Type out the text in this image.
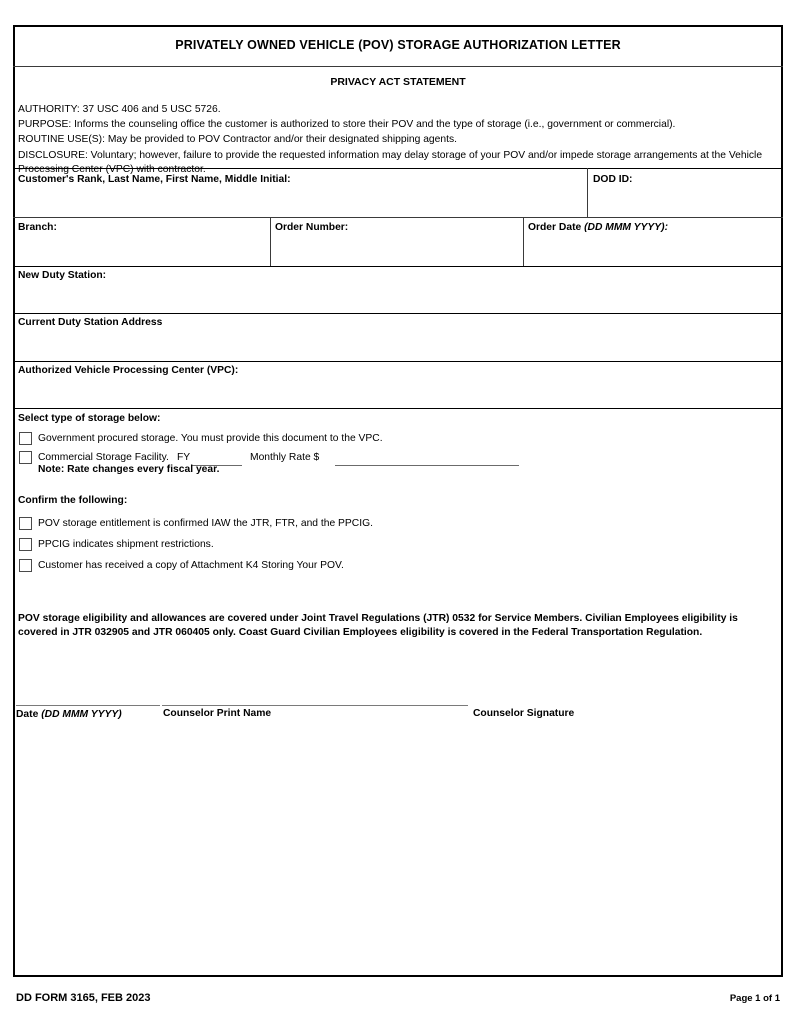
PRIVATELY OWNED VEHICLE (POV) STORAGE AUTHORIZATION LETTER
PRIVACY ACT STATEMENT

AUTHORITY: 37 USC 406 and 5 USC 5726.

PURPOSE: Informs the counseling office the customer is authorized to store their POV and the type of storage (i.e., government or commercial).

ROUTINE USE(S): May be provided to POV Contractor and/or their designated shipping agents.

DISCLOSURE: Voluntary; however, failure to provide the requested information may delay storage of your POV and/or impede storage arrangements at the Vehicle Processing Center (VPC) with contractor.

Customer's Rank, Last Name, First Name, Middle Initial:	DOD ID:
Branch:	Order Number:	Order Date (DD MMM YYYY):
New Duty Station:
Current Duty Station Address
Authorized Vehicle Processing Center (VPC):
Select type of storage below:
Government procured storage. You must provide this document to the VPC.
Commercial Storage Facility. FY	Monthly Rate $
Note: Rate changes every fiscal year.
Confirm the following:
POV storage entitlement is confirmed IAW the JTR, FTR, and the PPCIG.
PPCIG indicates shipment restrictions.
Customer has received a copy of Attachment K4 Storing Your POV.
POV storage eligibility and allowances are covered under Joint Travel Regulations (JTR) 0532 for Service Members. Civilian Employees eligibility is covered in JTR 032905 and JTR 060405 only. Coast Guard Civilian Employees eligibility is covered in the Federal Transportation Regulation.
Date (DD MMM YYYY)	Counselor Print Name	Counselor Signature
DD FORM 3165, FEB 2023	Page 1 of 1
